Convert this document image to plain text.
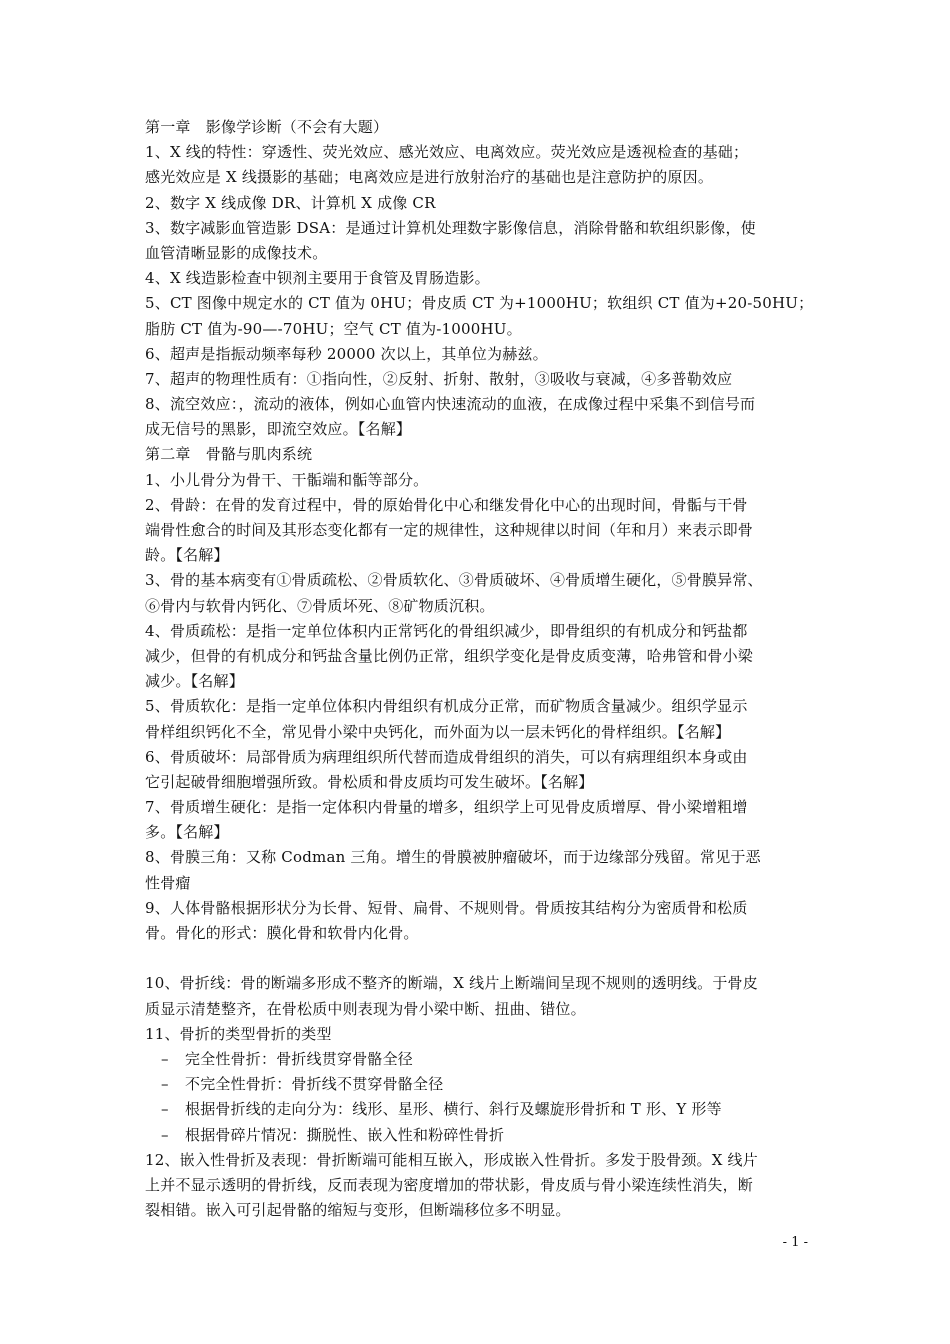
第一章　影像学诊断（不会有大题）
1、X 线的特性：穿透性、荧光效应、感光效应、电离效应。荧光效应是透视检查的基础；
感光效应是 X 线摄影的基础；电离效应是进行放射治疗的基础也是注意防护的原因。
2、数字 X 线成像 DR、计算机 X 成像 CR
3、数字减影血管造影 DSA：是通过计算机处理数字影像信息，消除骨骼和软组织影像，使
血管清晰显影的成像技术。
4、X 线造影检查中钡剂主要用于食管及胃肠造影。
5、CT 图像中规定水的 CT 值为 0HU；骨皮质 CT 为+1000HU；软组织 CT 值为+20-50HU；
脂肪 CT 值为-90—-70HU；空气 CT 值为-1000HU。
6、超声是指振动频率每秒 20000 次以上，其单位为赫兹。
7、超声的物理性质有：①指向性，②反射、折射、散射，③吸收与衰减，④多普勒效应
8、流空效应：，流动的液体，例如心血管内快速流动的血液，在成像过程中采集不到信号而
成无信号的黑影，即流空效应。【名解】
第二章　骨骼与肌肉系统
1、小儿骨分为骨干、干骺端和骺等部分。
2、骨龄：在骨的发育过程中，骨的原始骨化中心和继发骨化中心的出现时间，骨骺与干骨
端骨性愈合的时间及其形态变化都有一定的规律性，这种规律以时间（年和月）来表示即骨
龄。【名解】
3、骨的基本病变有①骨质疏松、②骨质软化、③骨质破坏、④骨质增生硬化，⑤骨膜异常、
⑥骨内与软骨内钙化、⑦骨质坏死、⑧矿物质沉积。
4、骨质疏松：是指一定单位体积内正常钙化的骨组织减少，即骨组织的有机成分和钙盐都
减少，但骨的有机成分和钙盐含量比例仍正常，组织学变化是骨皮质变薄，哈弗管和骨小梁
减少。【名解】
5、骨质软化：是指一定单位体积内骨组织有机成分正常，而矿物质含量减少。组织学显示
骨样组织钙化不全，常见骨小梁中央钙化，而外面为以一层未钙化的骨样组织。【名解】
6、骨质破坏：局部骨质为病理组织所代替而造成骨组织的消失，可以有病理组织本身或由
它引起破骨细胞增强所致。骨松质和骨皮质均可发生破坏。【名解】
7、骨质增生硬化：是指一定体积内骨量的增多，组织学上可见骨皮质增厚、骨小梁增粗增
多。【名解】
8、骨膜三角：又称 Codman 三角。增生的骨膜被肿瘤破坏，而于边缘部分残留。常见于恶
性骨瘤
9、人体骨骼根据形状分为长骨、短骨、扁骨、不规则骨。骨质按其结构分为密质骨和松质
骨。骨化的形式：膜化骨和软骨内化骨。
10、骨折线：骨的断端多形成不整齐的断端，X 线片上断端间呈现不规则的透明线。于骨皮
质显示清楚整齐，在骨松质中则表现为骨小梁中断、扭曲、错位。
11、骨折的类型骨折的类型
– 完全性骨折：骨折线贯穿骨骼全径
– 不完全性骨折：骨折线不贯穿骨骼全径
– 根据骨折线的走向分为：线形、星形、横行、斜行及螺旋形骨折和 T 形、Y 形等
– 根据骨碎片情况：撕脱性、嵌入性和粉碎性骨折
12、嵌入性骨折及表现：骨折断端可能相互嵌入，形成嵌入性骨折。多发于股骨颈。X 线片
上并不显示透明的骨折线，反而表现为密度增加的带状影，骨皮质与骨小梁连续性消失，断
裂相错。嵌入可引起骨骼的缩短与变形，但断端移位多不明显。
- 1 -
